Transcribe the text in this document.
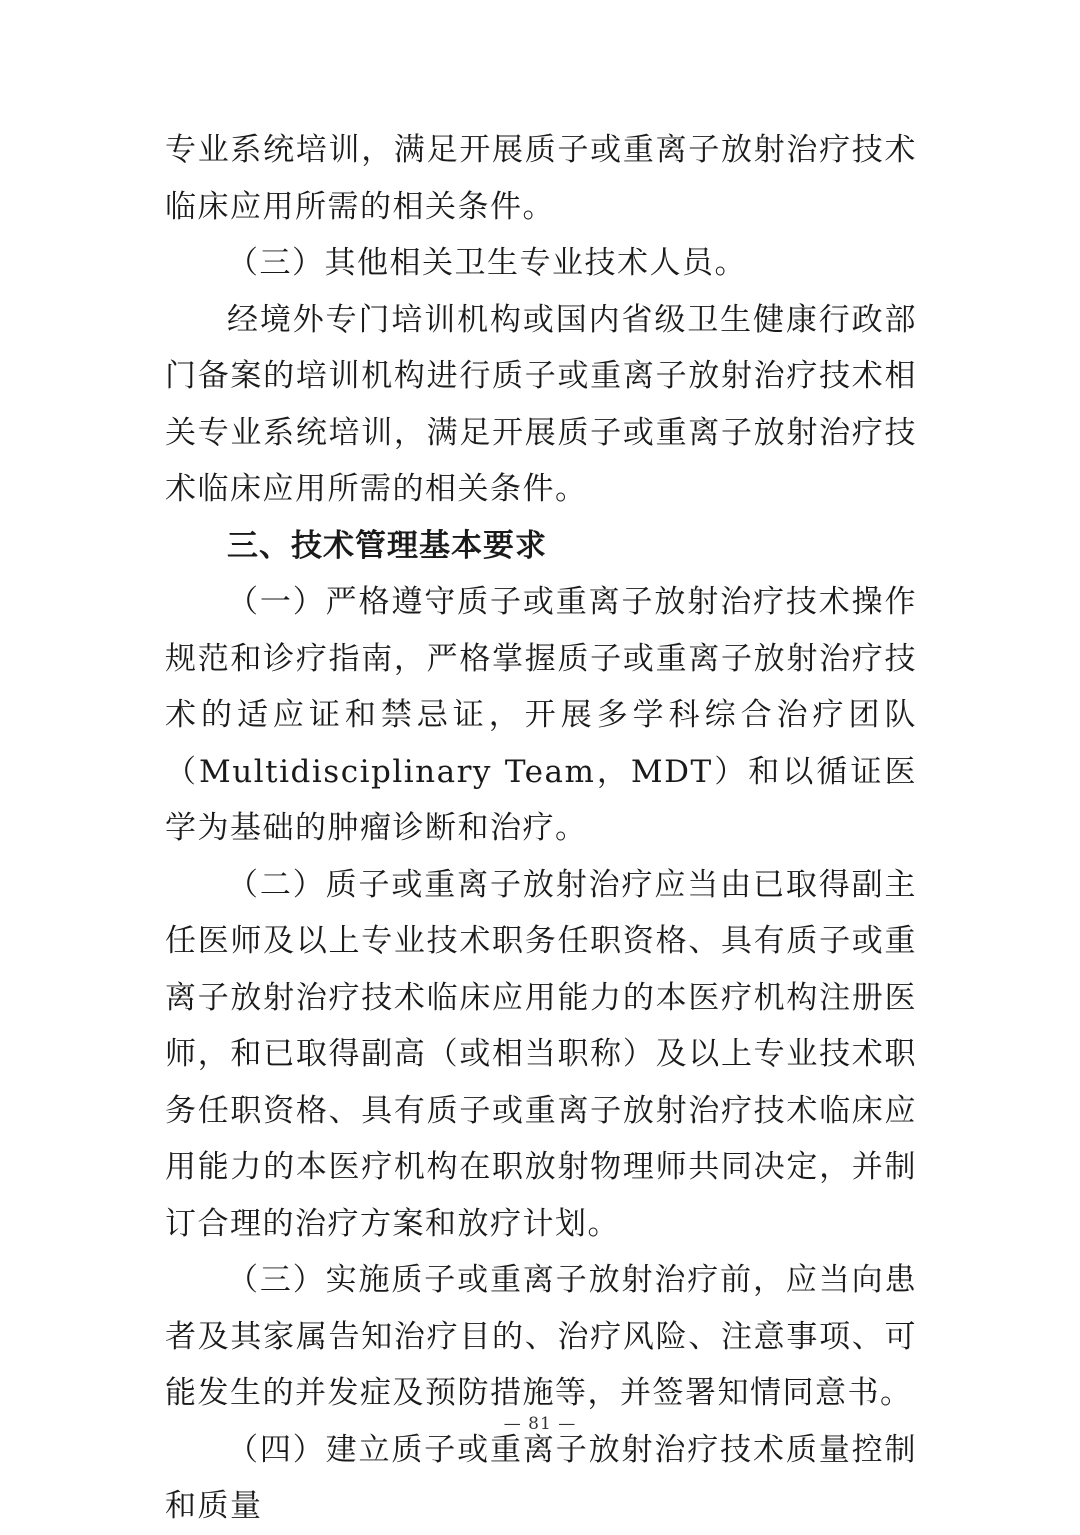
专业系统培训，满足开展质子或重离子放射治疗技术临床应用所需的相关条件。

（三）其他相关卫生专业技术人员。

经境外专门培训机构或国内省级卫生健康行政部门备案的培训机构进行质子或重离子放射治疗技术相关专业系统培训，满足开展质子或重离子放射治疗技术临床应用所需的相关条件。

三、技术管理基本要求

（一）严格遵守质子或重离子放射治疗技术操作规范和诊疗指南，严格掌握质子或重离子放射治疗技术的适应证和禁忌证，开展多学科综合治疗团队（Multidisciplinary Team，MDT）和以循证医学为基础的肿瘤诊断和治疗。

（二）质子或重离子放射治疗应当由已取得副主任医师及以上专业技术职务任职资格、具有质子或重离子放射治疗技术临床应用能力的本医疗机构注册医师，和已取得副高（或相当职称）及以上专业技术职务任职资格、具有质子或重离子放射治疗技术临床应用能力的本医疗机构在职放射物理师共同决定，并制订合理的治疗方案和放疗计划。

（三）实施质子或重离子放射治疗前，应当向患者及其家属告知治疗目的、治疗风险、注意事项、可能发生的并发症及预防措施等，并签署知情同意书。

（四）建立质子或重离子放射治疗技术质量控制和质量

— 81 —
